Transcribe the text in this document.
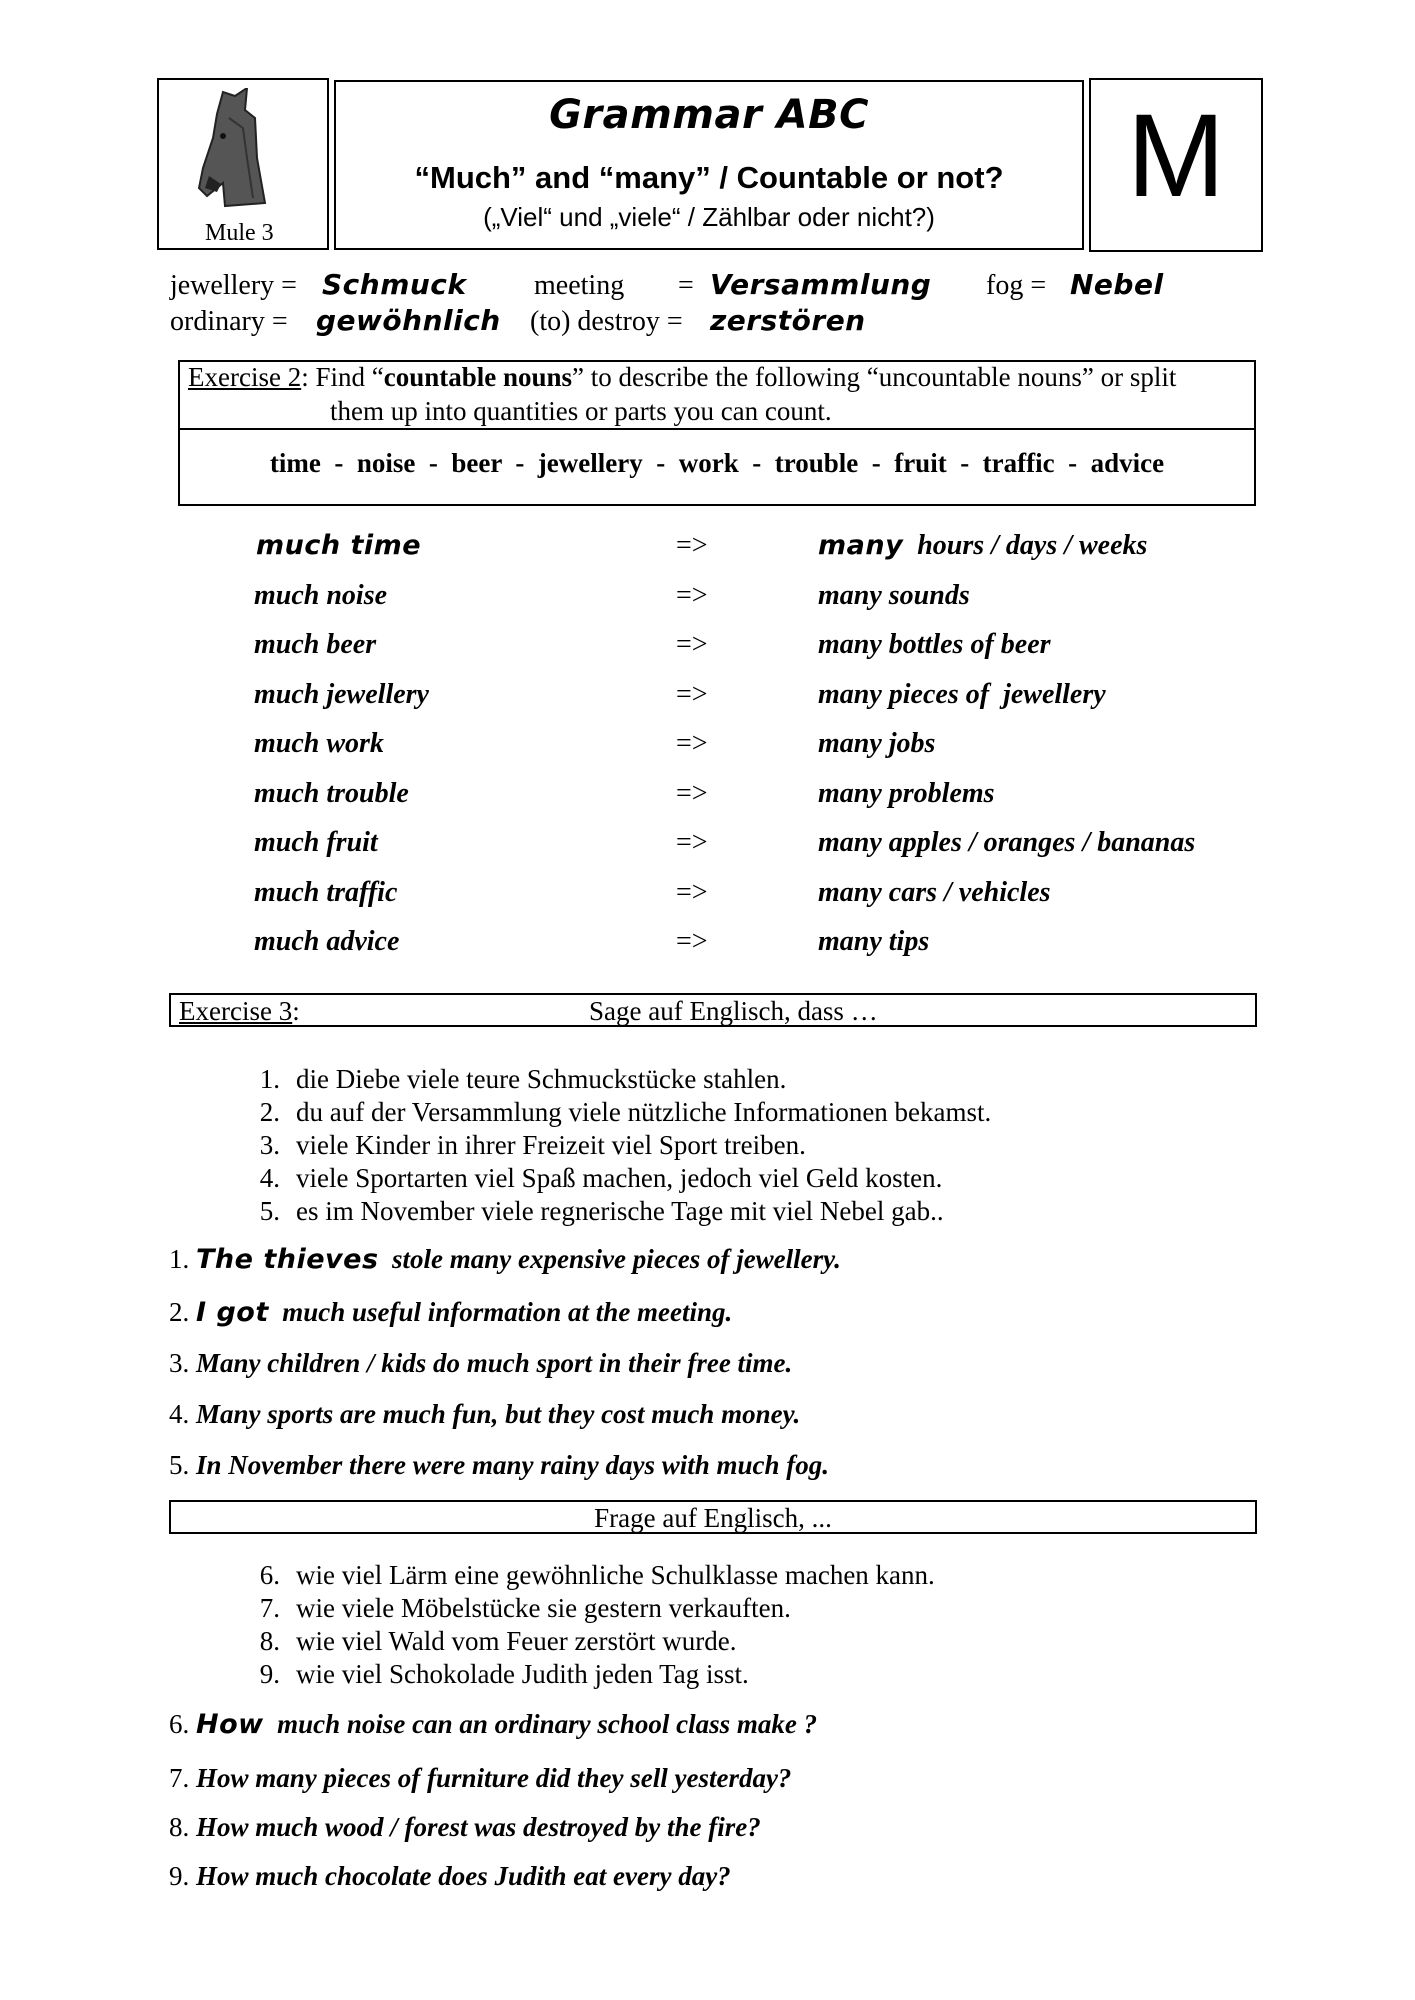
Mule 3
Grammar ABC
“Much” and “many” / Countable or not?
(„Viel“ und „viele“ / Zählbar oder nicht?)	M
jewellery = Schmuck meeting = Versammlung fog = Nebel
ordinary = gewöhnlich (to) destroy = zerstören
Exercise 2: Find “countable nouns” to describe the following “uncountable nouns” or split
them up into quantities or parts you can count.
time  -  noise  -  beer  -  jewellery  -  work  -  trouble  -  fruit  -  traffic  -  advice
much time	=>	many  hours / days / weeks
much noise	=>	many sounds
much beer	=>	many bottles of beer
much jewellery	=>	many pieces of  jewellery
much work	=>	many jobs
much trouble	=>	many problems
much fruit	=>	many apples / oranges / bananas
much traffic	=>	many cars / vehicles
much advice	=>	many tips
Exercise 3:	Sage auf Englisch, dass …
1. die Diebe viele teure Schmuckstücke stahlen.
2. du auf der Versammlung viele nützliche Informationen bekamst.
3. viele Kinder in ihrer Freizeit viel Sport treiben.
4. viele Sportarten viel Spaß machen, jedoch viel Geld kosten.
5. es im November viele regnerische Tage mit viel Nebel gab..
1. The thieves  stole many expensive pieces of jewellery.
2. I got  much useful information at the meeting.
3. Many children / kids do much sport in their free time.
4. Many sports are much fun, but they cost much money.
5. In November there were many rainy days with much fog.
Frage auf Englisch, ...
6. wie viel Lärm eine gewöhnliche Schulklasse machen kann.
7. wie viele Möbelstücke sie gestern verkauften.
8. wie viel Wald vom Feuer zerstört wurde.
9. wie viel Schokolade Judith jeden Tag isst.
6. How  much noise can an ordinary school class make ?
7. How many pieces of furniture did they sell yesterday?
8. How much wood / forest was destroyed by the fire?
9. How much chocolate does Judith eat every day?
